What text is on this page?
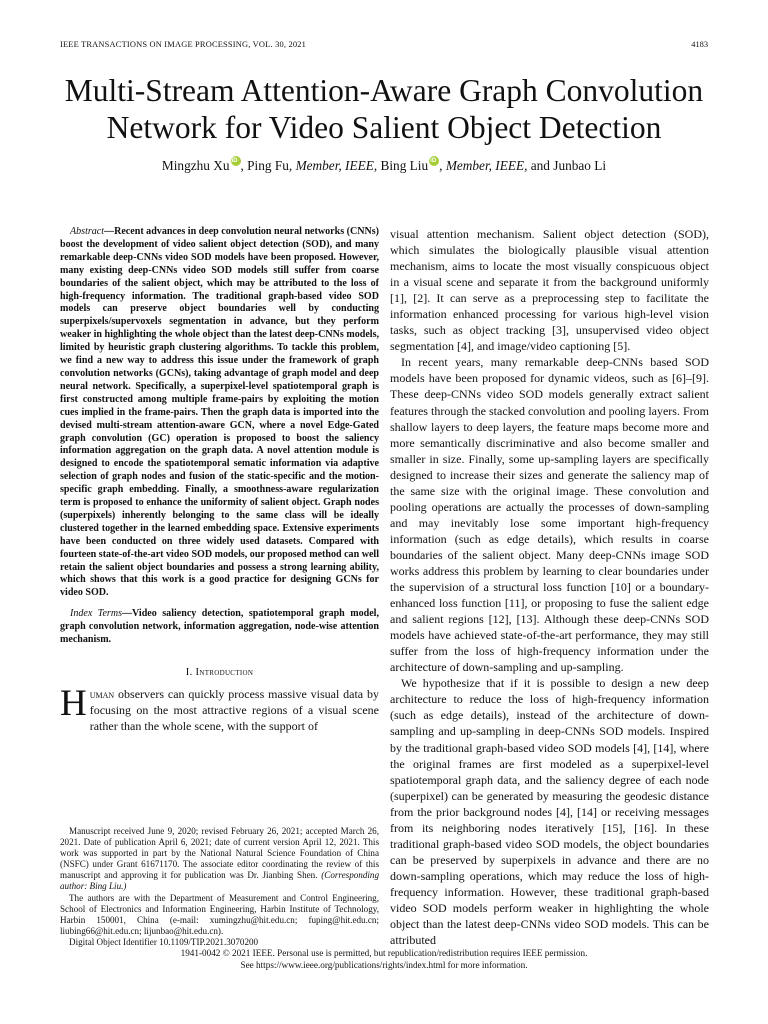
IEEE TRANSACTIONS ON IMAGE PROCESSING, VOL. 30, 2021	4183
Multi-Stream Attention-Aware Graph Convolution
Network for Video Salient Object Detection
Mingzhu Xu iD , Ping Fu, Member, IEEE, Bing Liu iD , Member, IEEE, and Junbao Li

Abstract—Recent advances in deep convolution neural networks (CNNs) boost the development of video salient object detection (SOD), and many remarkable deep-CNNs video SOD models have been proposed. However, many existing deep-CNNs video SOD models still suffer from coarse boundaries of the salient object, which may be attributed to the loss of high-frequency information. The traditional graph-based video SOD models can preserve object boundaries well by conducting superpixels/supervoxels segmentation in advance, but they perform weaker in highlighting the whole object than the latest deep-CNNs models, limited by heuristic graph clustering algorithms. To tackle this problem, we find a new way to address this issue under the framework of graph convolution networks (GCNs), taking advantage of graph model and deep neural network. Specifically, a superpixel-level spatiotemporal graph is first constructed among multiple frame-pairs by exploiting the motion cues implied in the frame-pairs. Then the graph data is imported into the devised multi-stream attention-aware GCN, where a novel Edge-Gated graph convolution (GC) operation is proposed to boost the saliency information aggregation on the graph data. A novel attention module is designed to encode the spatiotemporal sematic information via adaptive selection of graph nodes and fusion of the static-specific and the motion-specific graph embedding. Finally, a smoothness-aware regularization term is proposed to enhance the uniformity of salient object. Graph nodes (superpixels) inherently belonging to the same class will be ideally clustered together in the learned embedding space. Extensive experiments have been conducted on three widely used datasets. Compared with fourteen state-of-the-art video SOD models, our proposed method can well retain the salient object boundaries and possess a strong learning ability, which shows that this work is a good practice for designing GCNs for video SOD.

Index Terms—Video saliency detection, spatiotemporal graph model, graph convolution network, information aggregation, node-wise attention mechanism.

I. Introduction

Human observers can quickly process massive visual data by focusing on the most attractive regions of a visual scene rather than the whole scene, with the support of

Manuscript received June 9, 2020; revised February 26, 2021; accepted March 26, 2021. Date of publication April 6, 2021; date of current version April 12, 2021. This work was supported in part by the National Natural Science Foundation of China (NSFC) under Grant 61671170. The associate editor coordinating the review of this manuscript and approving it for publication was Dr. Jianbing Shen. (Corresponding author: Bing Liu.)

The authors are with the Department of Measurement and Control Engineering, School of Electronics and Information Engineering, Harbin Institute of Technology, Harbin 150001, China (e-mail: xumingzhu@hit.edu.cn; fuping@hit.edu.cn; liubing66@hit.edu.cn; lijunbao@hit.edu.cn).

Digital Object Identifier 10.1109/TIP.2021.3070200

visual attention mechanism. Salient object detection (SOD), which simulates the biologically plausible visual attention mechanism, aims to locate the most visually conspicuous object in a visual scene and separate it from the background uniformly [1], [2]. It can serve as a preprocessing step to facilitate the information enhanced processing for various high-level vision tasks, such as object tracking [3], unsupervised video object segmentation [4], and image/video captioning [5].

In recent years, many remarkable deep-CNNs based SOD models have been proposed for dynamic videos, such as [6]–[9]. These deep-CNNs video SOD models generally extract salient features through the stacked convolution and pooling layers. From shallow layers to deep layers, the feature maps become more and more semantically discriminative and also become smaller and smaller in size. Finally, some up-sampling layers are specifically designed to increase their sizes and generate the saliency map of the same size with the original image. These convolution and pooling operations are actually the processes of down-sampling and may inevitably lose some important high-frequency information (such as edge details), which results in coarse boundaries of the salient object. Many deep-CNNs image SOD works address this problem by learning to clear boundaries under the supervision of a structural loss function [10] or a boundary-enhanced loss function [11], or proposing to fuse the salient edge and salient regions [12], [13]. Although these deep-CNNs SOD models have achieved state-of-the-art performance, they may still suffer from the loss of high-frequency information under the architecture of down-sampling and up-sampling.

We hypothesize that if it is possible to design a new deep architecture to reduce the loss of high-frequency information (such as edge details), instead of the architecture of down-sampling and up-sampling in deep-CNNs SOD models. Inspired by the traditional graph-based video SOD models [4], [14], where the original frames are first modeled as a superpixel-level spatiotemporal graph data, and the saliency degree of each node (superpixel) can be generated by measuring the geodesic distance from the prior background nodes [4], [14] or receiving messages from its neighboring nodes iteratively [15], [16]. In these traditional graph-based video SOD models, the object boundaries can be preserved by superpixels in advance and there are no down-sampling operations, which may reduce the loss of high-frequency information. However, these traditional graph-based video SOD models perform weaker in highlighting the whole object than the latest deep-CNNs video SOD models. This can be attributed

1941-0042 © 2021 IEEE. Personal use is permitted, but republication/redistribution requires IEEE permission.
See https://www.ieee.org/publications/rights/index.html for more information.
